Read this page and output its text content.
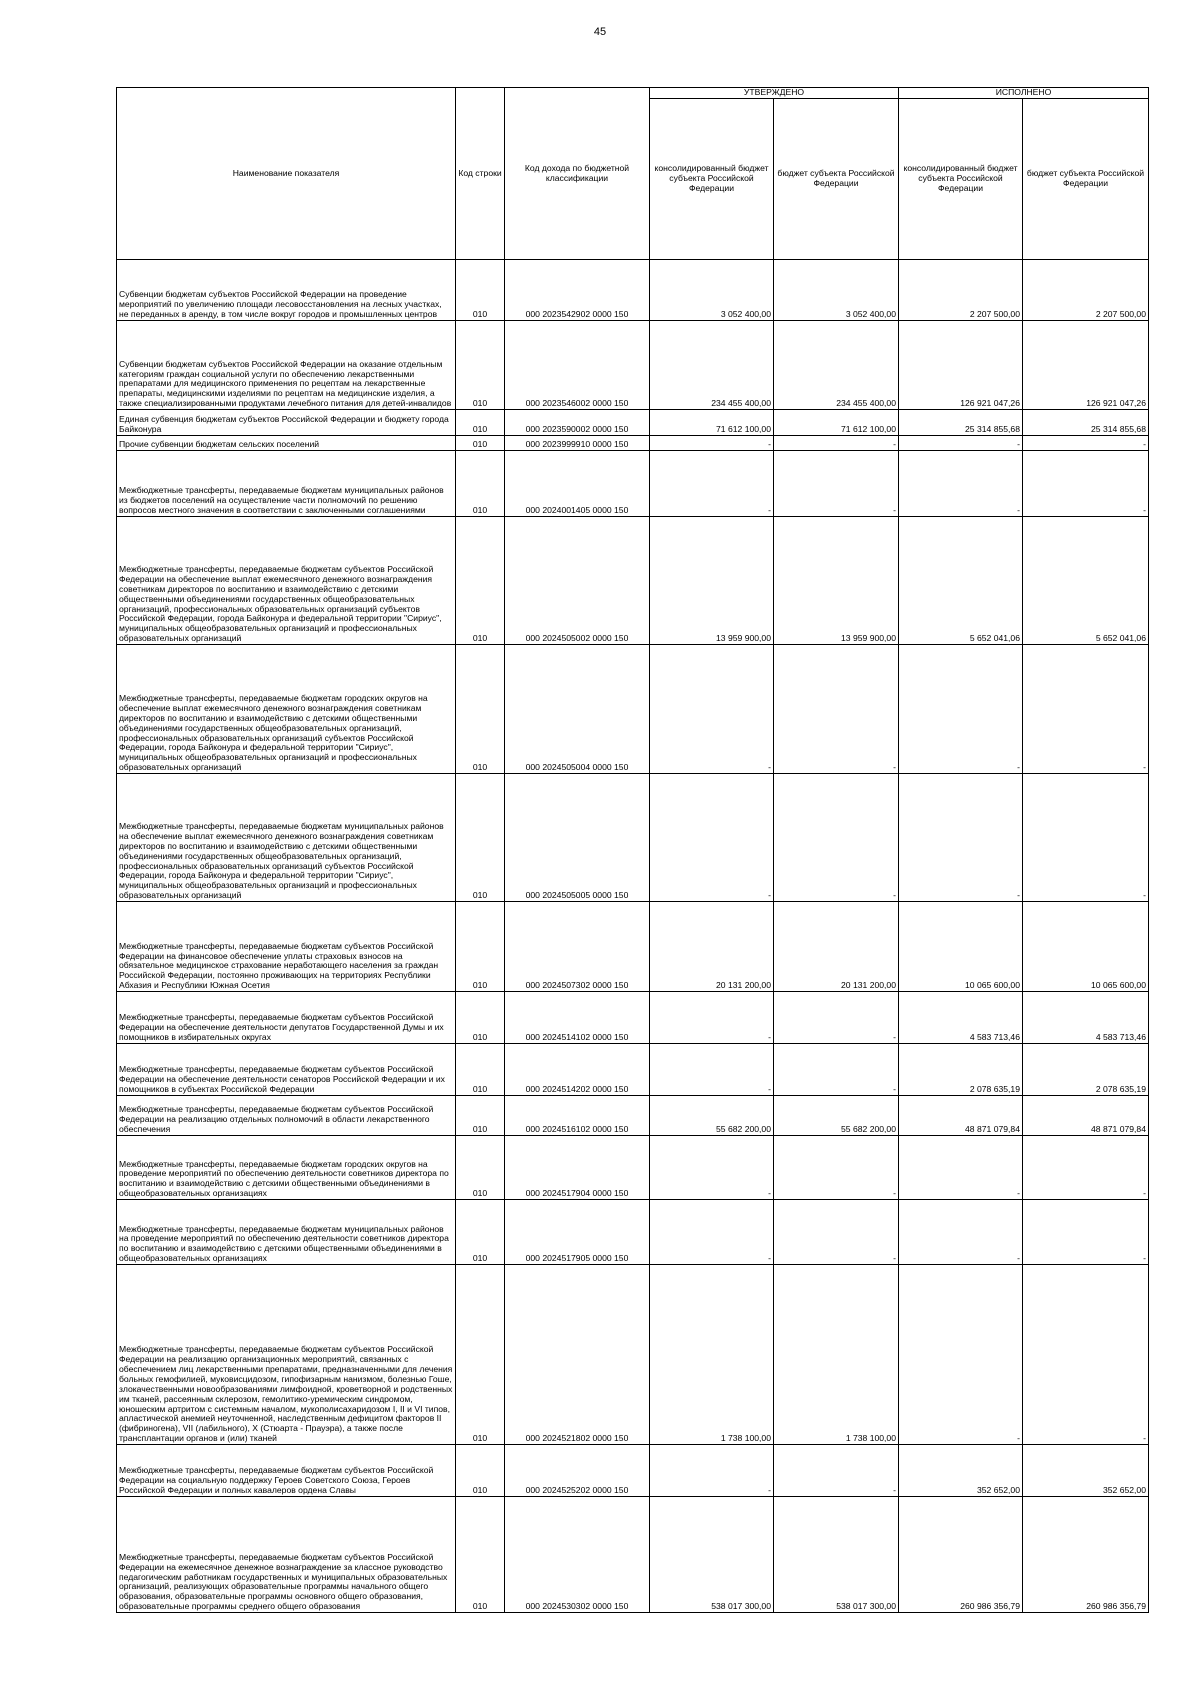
45
Наименование показателя	Код строки	Код дохода по бюджетной классификации	УТВЕРЖДЕНО		ИСПОЛНЕНО	
			консолидированный бюджет субъекта Российской Федерации	бюджет субъекта Российской Федерации	консолидированный бюджет субъекта Российской Федерации	бюджет субъекта Российской Федерации
Субвенции бюджетам субъектов Российской Федерации на проведение мероприятий по увеличению площади лесовосстановления на лесных участках, не переданных в аренду, в том числе вокруг городов и промышленных центров	010	000 2023542902 0000 150	3 052 400,00	3 052 400,00	2 207 500,00	2 207 500,00
Субвенции бюджетам субъектов Российской Федерации на оказание отдельным категориям граждан социальной услуги по обеспечению лекарственными препаратами для медицинского применения по рецептам на лекарственные препараты, медицинскими изделиями по рецептам на медицинские изделия, а также специализированными продуктами лечебного питания для детей-инвалидов	010	000 2023546002 0000 150	234 455 400,00	234 455 400,00	126 921 047,26	126 921 047,26
Единая субвенция бюджетам субъектов Российской Федерации и бюджету города Байконура	010	000 2023590002 0000 150	71 612 100,00	71 612 100,00	25 314 855,68	25 314 855,68
Прочие субвенции бюджетам сельских поселений	010	000 2023999910 0000 150	-	-	-	-
Межбюджетные трансферты, передаваемые бюджетам муниципальных районов из бюджетов поселений на осуществление части полномочий по решению вопросов местного значения в соответствии с заключенными соглашениями	010	000 2024001405 0000 150	-	-	-	-
Межбюджетные трансферты, передаваемые бюджетам субъектов Российской Федерации на обеспечение выплат ежемесячного денежного вознаграждения советникам директоров по воспитанию и взаимодействию с детскими общественными объединениями государственных общеобразовательных организаций, профессиональных образовательных организаций субъектов Российской Федерации, города Байконура и федеральной территории "Сириус", муниципальных общеобразовательных организаций и профессиональных образовательных организаций	010	000 2024505002 0000 150	13 959 900,00	13 959 900,00	5 652 041,06	5 652 041,06
Межбюджетные трансферты, передаваемые бюджетам городских округов на обеспечение выплат ежемесячного денежного вознаграждения советникам директоров по воспитанию и взаимодействию с детскими общественными объединениями государственных общеобразовательных организаций, профессиональных образовательных организаций субъектов Российской Федерации, города Байконура и федеральной территории "Сириус", муниципальных общеобразовательных организаций и профессиональных образовательных организаций	010	000 2024505004 0000 150	-	-	-	-
Межбюджетные трансферты, передаваемые бюджетам муниципальных районов на обеспечение выплат ежемесячного денежного вознаграждения советникам директоров по воспитанию и взаимодействию с детскими общественными объединениями государственных общеобразовательных организаций, профессиональных образовательных организаций субъектов Российской Федерации, города Байконура и федеральной территории "Сириус", муниципальных общеобразовательных организаций и профессиональных образовательных организаций	010	000 2024505005 0000 150	-	-	-	-
Межбюджетные трансферты, передаваемые бюджетам субъектов Российской Федерации на финансовое обеспечение уплаты страховых взносов на обязательное медицинское страхование неработающего населения за граждан Российской Федерации, постоянно проживающих на территориях Республики Абхазия и Республики Южная Осетия	010	000 2024507302 0000 150	20 131 200,00	20 131 200,00	10 065 600,00	10 065 600,00
Межбюджетные трансферты, передаваемые бюджетам субъектов Российской Федерации на обеспечение деятельности депутатов Государственной Думы и их помощников в избирательных округах	010	000 2024514102 0000 150	-	-	4 583 713,46	4 583 713,46
Межбюджетные трансферты, передаваемые бюджетам субъектов Российской Федерации на обеспечение деятельности сенаторов Российской Федерации и их помощников в субъектах Российской Федерации	010	000 2024514202 0000 150	-	-	2 078 635,19	2 078 635,19
Межбюджетные трансферты, передаваемые бюджетам субъектов Российской Федерации на реализацию отдельных полномочий в области лекарственного обеспечения	010	000 2024516102 0000 150	55 682 200,00	55 682 200,00	48 871 079,84	48 871 079,84
Межбюджетные трансферты, передаваемые бюджетам городских округов на проведение мероприятий по обеспечению деятельности советников директора по воспитанию и взаимодействию с детскими общественными объединениями в общеобразовательных организациях	010	000 2024517904 0000 150	-	-	-	-
Межбюджетные трансферты, передаваемые бюджетам муниципальных районов на проведение мероприятий по обеспечению деятельности советников директора по воспитанию и взаимодействию с детскими общественными объединениями в общеобразовательных организациях	010	000 2024517905 0000 150	-	-	-	-
Межбюджетные трансферты, передаваемые бюджетам субъектов Российской Федерации на реализацию организационных мероприятий, связанных с обеспечением лиц лекарственными препаратами, предназначенными для лечения больных гемофилией, муковисцидозом, гипофизарным нанизмом, болезнью Гоше, злокачественными новообразованиями лимфоидной, кроветворной и родственных им тканей, рассеянным склерозом, гемолитико-уремическим синдромом, юношеским артритом с системным началом, мукополисахаридозом I, II и VI типов, апластической анемией неуточненной, наследственным дефицитом факторов II (фибриногена), VII (лабильного), X (Стюарта - Прауэра), а также после трансплантации органов и (или) тканей	010	000 2024521802 0000 150	1 738 100,00	1 738 100,00	-	-
Межбюджетные трансферты, передаваемые бюджетам субъектов Российской Федерации на социальную поддержку Героев Советского Союза, Героев Российской Федерации и полных кавалеров ордена Славы	010	000 2024525202 0000 150	-	-	352 652,00	352 652,00
Межбюджетные трансферты, передаваемые бюджетам субъектов Российской Федерации на ежемесячное денежное вознаграждение за классное руководство педагогическим работникам государственных и муниципальных образовательных организаций, реализующих образовательные программы начального общего образования, образовательные программы основного общего образования, образовательные программы среднего общего образования	010	000 2024530302 0000 150	538 017 300,00	538 017 300,00	260 986 356,79	260 986 356,79
